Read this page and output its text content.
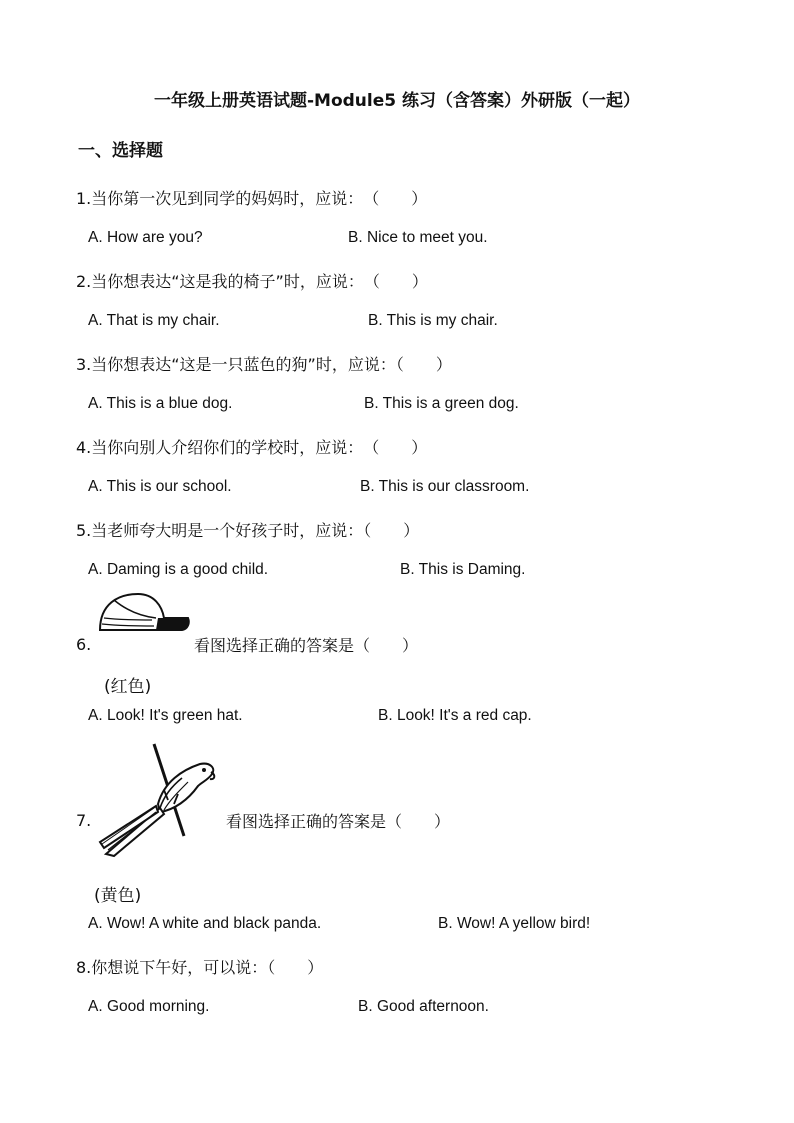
一年级上册英语试题-Module5 练习（含答案）外研版（一起）
一、选择题
1.当你第一次见到同学的妈妈时，应说：　（　　）
A. How are you?	B. Nice to meet you.
2.当你想表达“这是我的椅子”时，应说：　（　　）
A. That is my chair.	B. This is my chair.
3.当你想表达“这是一只蓝色的狗”时，应说：（　　）
A. This is a blue dog.	B. This is a green dog.
4.当你向别人介绍你们的学校时，应说：　（　　）
A. This is our school.	B. This is our classroom.
5.当老师夸大明是一个好孩子时，应说：（　　）
A. Daming is a good child.	B. This is Daming.
6.	看图选择正确的答案是（　　）
(红色)
A. Look! It's green hat.	B. Look! It's a red cap.
7.	看图选择正确的答案是（　　）
(黄色)
A. Wow! A white and black panda.	B. Wow! A yellow bird!
8.你想说下午好，可以说：（　　）
A. Good morning.	B. Good afternoon.
